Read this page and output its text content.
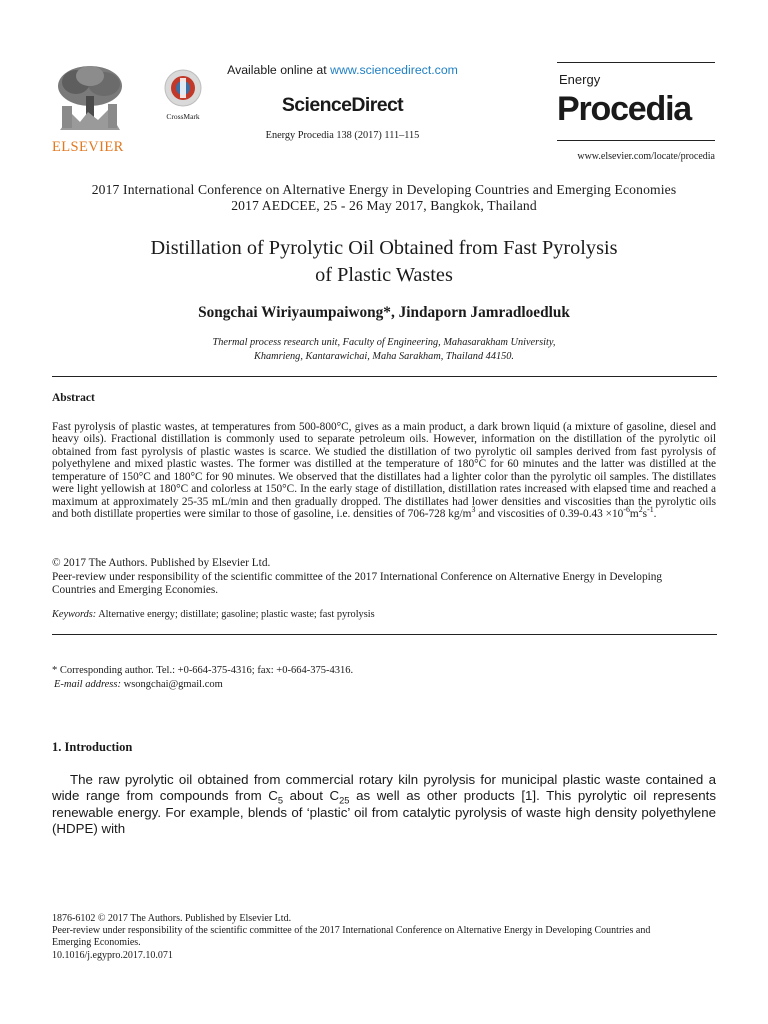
ELSEVIER
CrossMark
Available online at www.sciencedirect.com
ScienceDirect
Energy Procedia 138 (2017) 111–115
Energy
Procedia
www.elsevier.com/locate/procedia
2017 International Conference on Alternative Energy in Developing Countries and Emerging Economies
2017 AEDCEE, 25 - 26 May 2017, Bangkok, Thailand
Distillation of Pyrolytic Oil Obtained from Fast Pyrolysis
of Plastic Wastes
Songchai Wiriyaumpaiwong*, Jindaporn Jamradloedluk
Thermal process research unit, Faculty of Engineering, Mahasarakham University,
Khamrieng, Kantarawichai, Maha Sarakham, Thailand 44150.
Abstract
Fast pyrolysis of plastic wastes, at temperatures from 500-800°C, gives as a main product, a dark brown liquid (a mixture of gasoline, diesel and heavy oils). Fractional distillation is commonly used to separate petroleum oils. However, information on the distillation of the pyrolytic oil obtained from fast pyrolysis of plastic wastes is scarce. We studied the distillation of two pyrolytic oil samples derived from fast pyrolysis of polyethylene and mixed plastic wastes. The former was distilled at the temperature of 180°C for 60 minutes and the latter was distilled at the temperature of 150°C and 180°C for 90 minutes. We observed that the distillates had a lighter color than the pyrolytic oil samples. The distillates were light yellowish at 180°C and colorless at 150°C. In the early stage of distillation, distillation rates increased with elapsed time and reached a maximum at approximately 25-35 mL/min and then gradually dropped. The distillates had lower densities and viscosities than the pyrolytic oils and both distillate properties were similar to those of gasoline, i.e. densities of 706-728 $kg/m^3$ and viscosities of $0.39-0.43 \times 10^{-6}m^2s^{-1}$.
© 2017 The Authors. Published by Elsevier Ltd.
Peer-review under responsibility of the scientific committee of the 2017 International Conference on Alternative Energy in Developing Countries and Emerging Economies.
Keywords: Alternative energy; distillate; gasoline; plastic waste; fast pyrolysis
* Corresponding author. Tel.: +0-664-375-4316; fax: +0-664-375-4316.
E-mail address: wsongchai@gmail.com
1. Introduction
The raw pyrolytic oil obtained from commercial rotary kiln pyrolysis for municipal plastic waste contained a wide range from compounds from $C_5$ about $C_{25}$ as well as other products [1]. This pyrolytic oil represents renewable energy. For example, blends of ‘plastic’ oil from catalytic pyrolysis of waste high density polyethylene (HDPE) with
1876-6102 © 2017 The Authors. Published by Elsevier Ltd.
Peer-review under responsibility of the scientific committee of the 2017 International Conference on Alternative Energy in Developing Countries and Emerging Economies.
10.1016/j.egypro.2017.10.071
